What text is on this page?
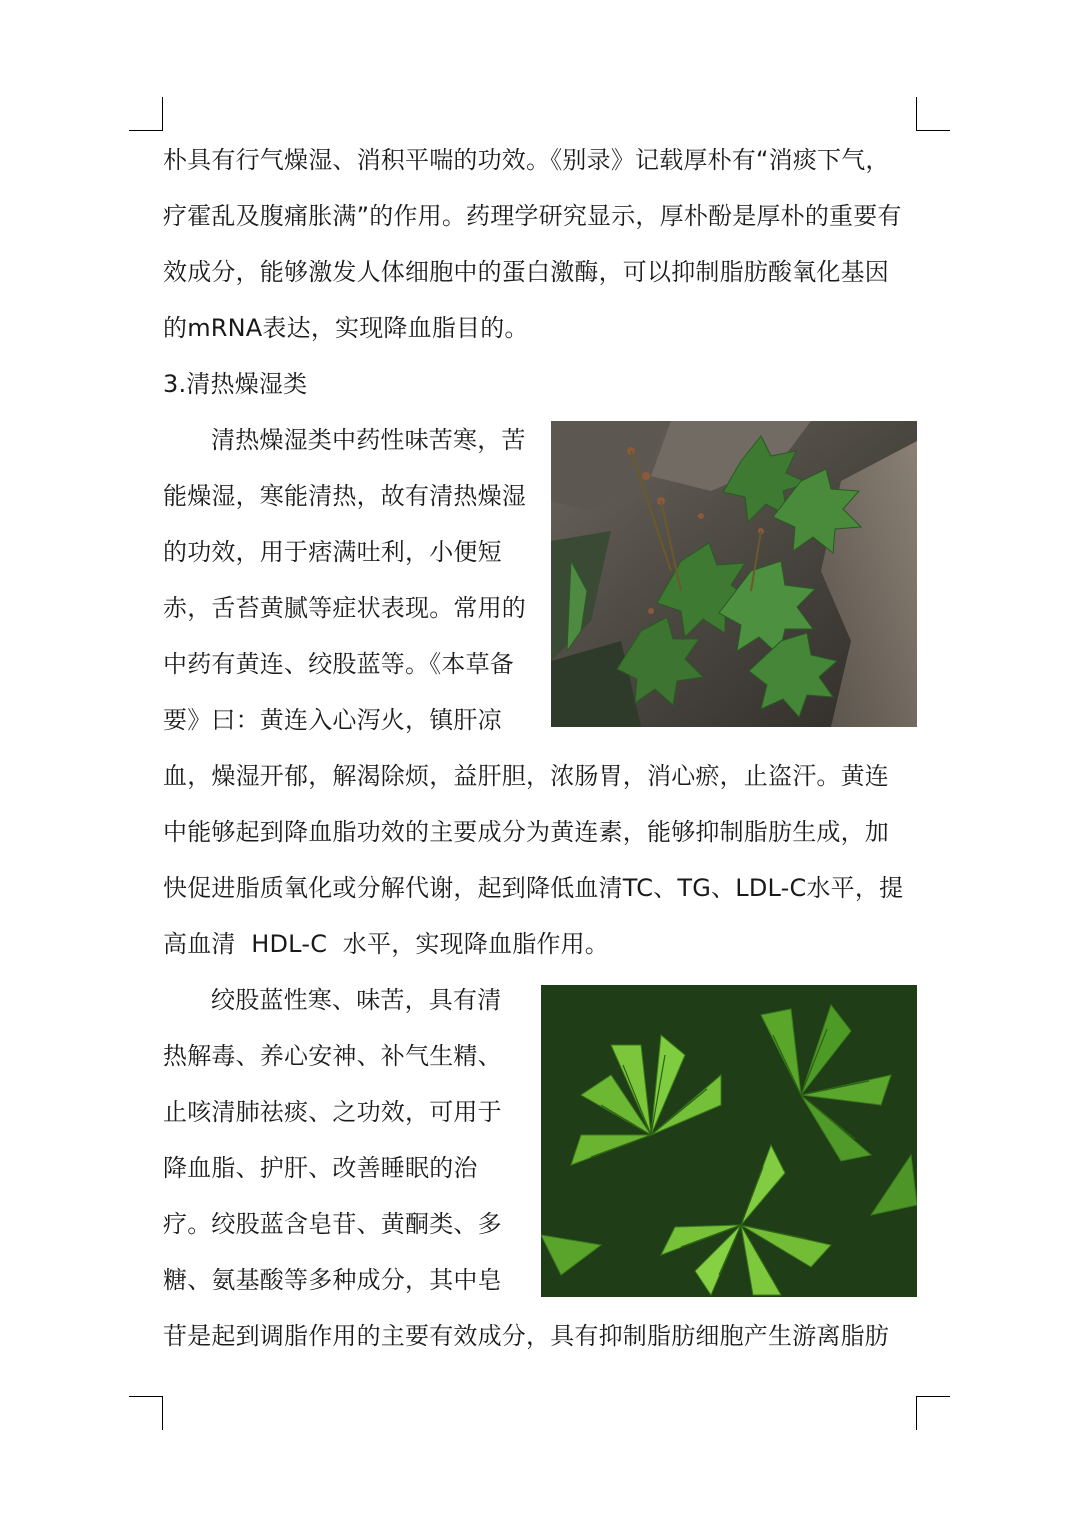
朴具有行气燥湿、消积平喘的功效。《别录》记载厚朴有“消痰下气，
疗霍乱及腹痛胀满”的作用。药理学研究显示，厚朴酚是厚朴的重要有
效成分，能够激发人体细胞中的蛋白激酶，可以抑制脂肪酸氧化基因
的mRNA表达，实现降血脂目的。
3.清热燥湿类
清热燥湿类中药性味苦寒，苦
能燥湿，寒能清热，故有清热燥湿
的功效，用于痞满吐利，小便短
赤，舌苔黄腻等症状表现。常用的
中药有黄连、绞股蓝等。《本草备
要》曰：黄连入心泻火，镇肝凉
血，燥湿开郁，解渴除烦，益肝胆，浓肠胃，消心瘀，止盗汗。黄连
中能够起到降血脂功效的主要成分为黄连素，能够抑制脂肪生成，加
快促进脂质氧化或分解代谢，起到降低血清TC、TG、LDL-C水平，提
高血清  HDL-C  水平，实现降血脂作用。
绞股蓝性寒、味苦，具有清
热解毒、养心安神、补气生精、
止咳清肺祛痰、之功效，可用于
降血脂、护肝、改善睡眠的治
疗。绞股蓝含皂苷、黄酮类、多
糖、氨基酸等多种成分，其中皂
苷是起到调脂作用的主要有效成分，具有抑制脂肪细胞产生游离脂肪
